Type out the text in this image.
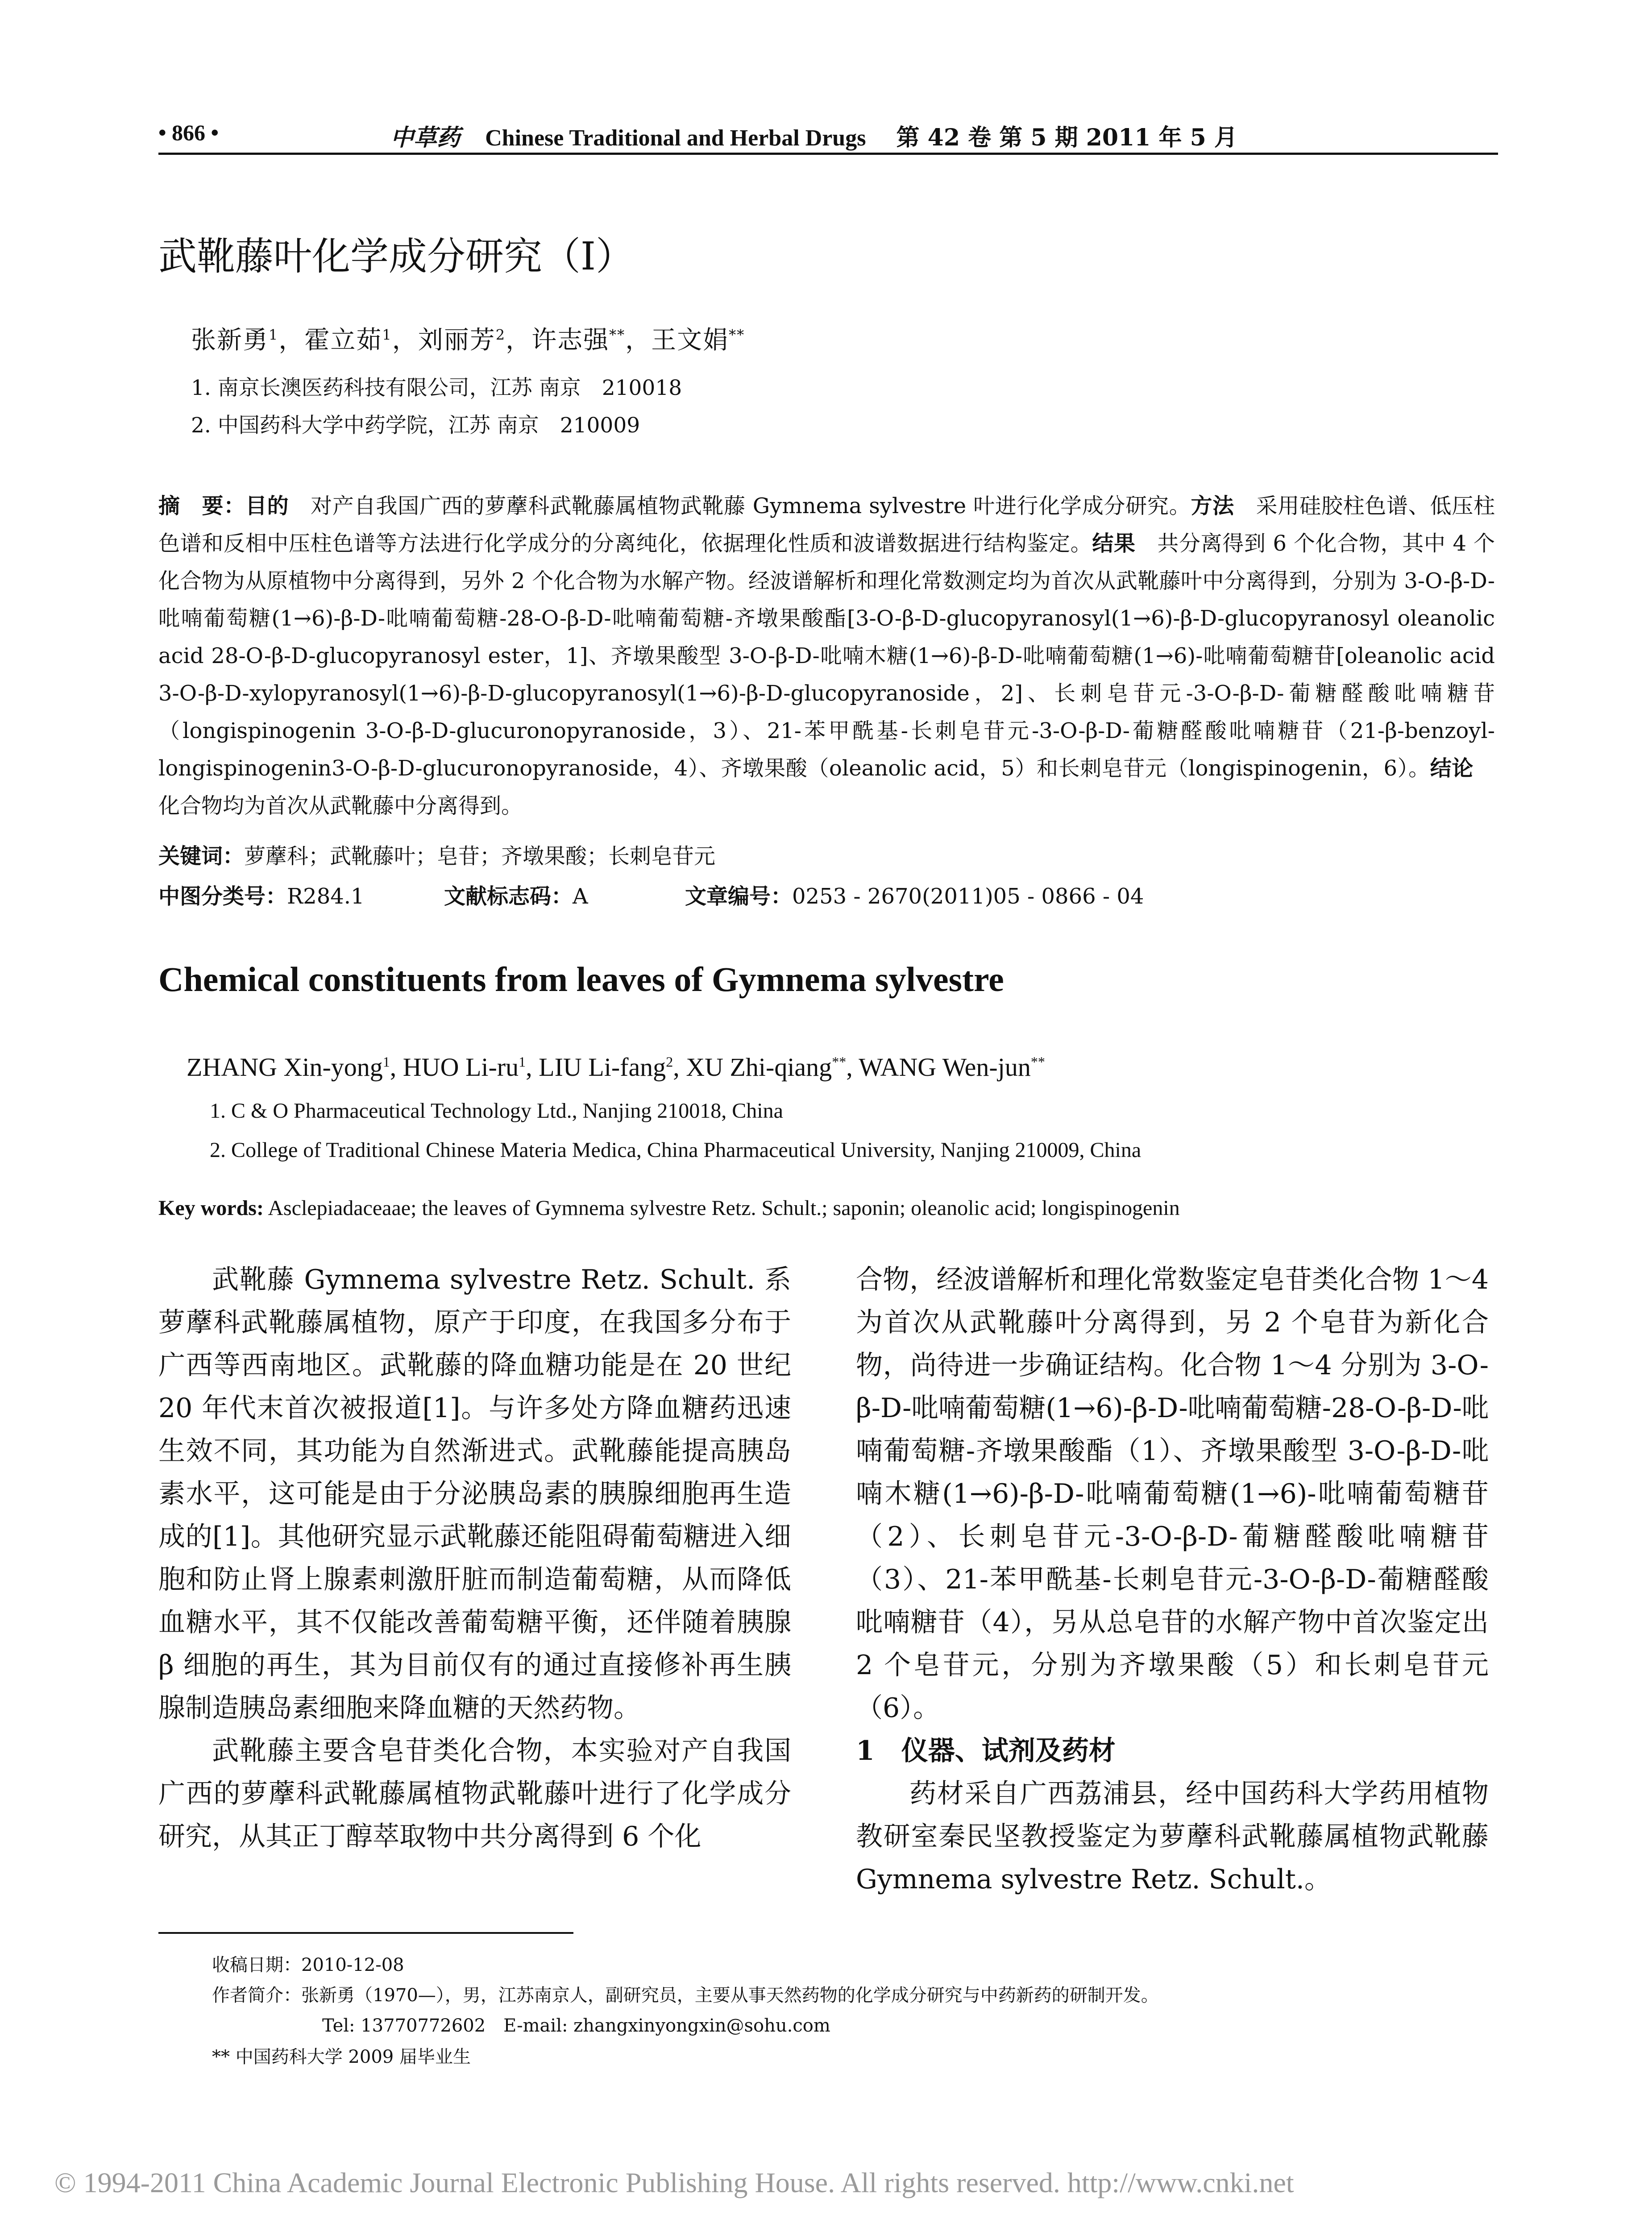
• 866 •	中草药 Chinese Traditional and Herbal Drugs 第 42 卷 第 5 期 2011 年 5 月
武靴藤叶化学成分研究（I）
张新勇$^1$，霍立茹$^1$，刘丽芳$^2$，许志强**，王文娟**
1. 南京长澳医药科技有限公司，江苏 南京　210018
2. 中国药科大学中药学院，江苏 南京　210009
摘　要：目的　对产自我国广西的萝藦科武靴藤属植物武靴藤 Gymnema sylvestre 叶进行化学成分研究。方法　采用硅胶柱色谱、低压柱色谱和反相中压柱色谱等方法进行化学成分的分离纯化，依据理化性质和波谱数据进行结构鉴定。结果　共分离得到 6 个化合物，其中 4 个化合物为从原植物中分离得到，另外 2 个化合物为水解产物。经波谱解析和理化常数测定均为首次从武靴藤叶中分离得到，分别为 3-O-β-D-吡喃葡萄糖(1→6)-β-D-吡喃葡萄糖-28-O-β-D-吡喃葡萄糖-齐墩果酸酯[3-O-β-D-glucopyranosyl(1→6)-β-D-glucopyranosyl oleanolic acid 28-O-β-D-glucopyranosyl ester，1]、齐墩果酸型 3-O-β-D-吡喃木糖(1→6)-β-D-吡喃葡萄糖(1→6)-吡喃葡萄糖苷[oleanolic acid 3-O-β-D-xylopyranosyl(1→6)-β-D-glucopyranosyl(1→6)-β-D-glucopyranoside，2]、长刺皂苷元-3-O-β-D-葡糖醛酸吡喃糖苷（longispinogenin 3-O-β-D-glucuronopyranoside，3）、21-苯甲酰基-长刺皂苷元-3-O-β-D-葡糖醛酸吡喃糖苷（21-β-benzoyl-longispinogenin3-O-β-D-glucuronopyranoside，4）、齐墩果酸（oleanolic acid，5）和长刺皂苷元（longispinogenin，6）。结论　化合物均为首次从武靴藤中分离得到。
关键词：萝藦科；武靴藤叶；皂苷；齐墩果酸；长刺皂苷元
中图分类号：R284.1	文献标志码：A	文章编号：0253 - 2670(2011)05 - 0866 - 04
Chemical constituents from leaves of Gymnema sylvestre
ZHANG Xin-yong$^1$, HUO $Li-ru^1$, LIU Li-fang$^2$, XU Zhi-qiang**, WANG Wen-jun**
1. C & O Pharmaceutical Technology Ltd., Nanjing 210018, China
2. College of Traditional Chinese Materia Medica, China Pharmaceutical University, Nanjing 210009, China
Key words: Asclepiadaceaae; the leaves of Gymnema sylvestre Retz. Schult.; saponin; oleanolic acid; longispinogenin

武靴藤 Gymnema sylvestre Retz. Schult. 系萝藦科武靴藤属植物，原产于印度，在我国多分布于广西等西南地区。武靴藤的降血糖功能是在 20 世纪 20 年代末首次被报道[1]。与许多处方降血糖药迅速生效不同，其功能为自然渐进式。武靴藤能提高胰岛素水平，这可能是由于分泌胰岛素的胰腺细胞再生造成的[1]。其他研究显示武靴藤还能阻碍葡萄糖进入细胞和防止肾上腺素刺激肝脏而制造葡萄糖，从而降低血糖水平，其不仅能改善葡萄糖平衡，还伴随着胰腺 β 细胞的再生，其为目前仅有的通过直接修补再生胰腺制造胰岛素细胞来降血糖的天然药物。

武靴藤主要含皂苷类化合物，本实验对产自我国广西的萝藦科武靴藤属植物武靴藤叶进行了化学成分研究，从其正丁醇萃取物中共分离得到 6 个化

合物，经波谱解析和理化常数鉴定皂苷类化合物 1～4 为首次从武靴藤叶分离得到，另 2 个皂苷为新化合物，尚待进一步确证结构。化合物 1～4 分别为 3-O-β-D-吡喃葡萄糖(1→6)-β-D-吡喃葡萄糖-28-O-β-D-吡喃葡萄糖-齐墩果酸酯（1）、齐墩果酸型 3-O-β-D-吡喃木糖(1→6)-β-D-吡喃葡萄糖(1→6)-吡喃葡萄糖苷（2）、长刺皂苷元-3-O-β-D-葡糖醛酸吡喃糖苷（3）、21-苯甲酰基-长刺皂苷元-3-O-β-D-葡糖醛酸吡喃糖苷（4），另从总皂苷的水解产物中首次鉴定出 2 个皂苷元，分别为齐墩果酸（5）和长刺皂苷元（6）。

1　仪器、试剂及药材

药材采自广西荔浦县，经中国药科大学药用植物教研室秦民坚教授鉴定为萝藦科武靴藤属植物武靴藤 Gymnema sylvestre Retz. Schult.。

收稿日期：2010-12-08
作者简介：张新勇（1970—），男，江苏南京人，副研究员，主要从事天然药物的化学成分研究与中药新药的研制开发。
Tel: 13770772602　E-mail: zhangxinyongxin@sohu.com
** 中国药科大学 2009 届毕业生
© 1994-2011 China Academic Journal Electronic Publishing House. All rights reserved. http://www.cnki.net
